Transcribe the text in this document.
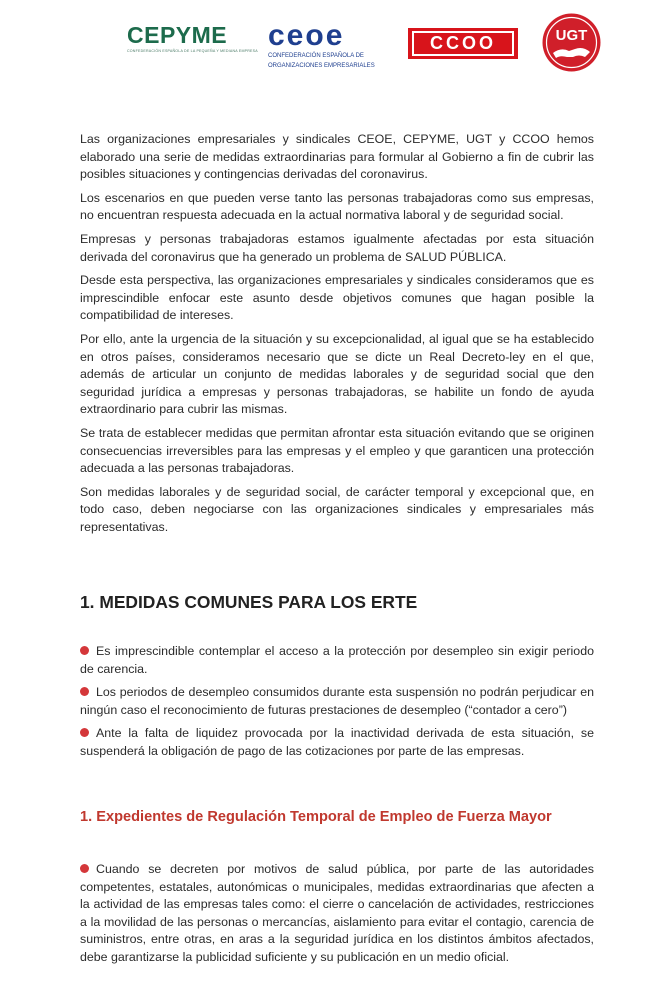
CEPYME
CONFEDERACIÓN ESPAÑOLA DE LA PEQUEÑA Y MEDIANA EMPRESA ceoe
CONFEDERACIÓN ESPAÑOLA DE
ORGANIZACIONES EMPRESARIALES
CCOO	UGT

Las organizaciones empresariales y sindicales CEOE, CEPYME, UGT y CCOO hemos elaborado una serie de medidas extraordinarias para formular al Gobierno a fin de cubrir las posibles situaciones y contingencias derivadas del coronavirus.

Los escenarios en que pueden verse tanto las personas trabajadoras como sus empresas, no encuentran respuesta adecuada en la actual normativa laboral y de seguridad social.

Empresas y personas trabajadoras estamos igualmente afectadas por esta situación derivada del coronavirus que ha generado un problema de SALUD PÚBLICA.

Desde esta perspectiva, las organizaciones empresariales y sindicales consideramos que es imprescindible enfocar este asunto desde objetivos comunes que hagan posible la compatibilidad de intereses.

Por ello, ante la urgencia de la situación y su excepcionalidad, al igual que se ha establecido en otros países, consideramos necesario que se dicte un Real Decreto-ley en el que, además de articular un conjunto de medidas laborales y de seguridad social que den seguridad jurídica a empresas y personas trabajadoras, se habilite un fondo de ayuda extraordinario para cubrir las mismas.

Se trata de establecer medidas que permitan afrontar esta situación evitando que se originen consecuencias irreversibles para las empresas y el empleo y que garanticen una protección adecuada a las personas trabajadoras.

Son medidas laborales y de seguridad social, de carácter temporal y excepcional que, en todo caso, deben negociarse con las organizaciones sindicales y empresariales más representativas.

1. MEDIDAS COMUNES PARA LOS ERTE

Es imprescindible contemplar el acceso a la protección por desempleo sin exigir periodo de carencia.

Los periodos de desempleo consumidos durante esta suspensión no podrán perjudicar en ningún caso el reconocimiento de futuras prestaciones de desempleo (“contador a cero”)

Ante la falta de liquidez provocada por la inactividad derivada de esta situación, se suspenderá la obligación de pago de las cotizaciones por parte de las empresas.

1. Expedientes de Regulación Temporal de Empleo de Fuerza Mayor

Cuando se decreten por motivos de salud pública, por parte de las autoridades competentes, estatales, autonómicas o municipales, medidas extraordinarias que afecten a la actividad de las empresas tales como: el cierre o cancelación de actividades, restricciones a la movilidad de las personas o mercancías, aislamiento para evitar el contagio, carencia de suministros, entre otras, en aras a la seguridad jurídica en los distintos ámbitos afectados, debe garantizarse la publicidad suficiente y su publicación en un medio oficial.
